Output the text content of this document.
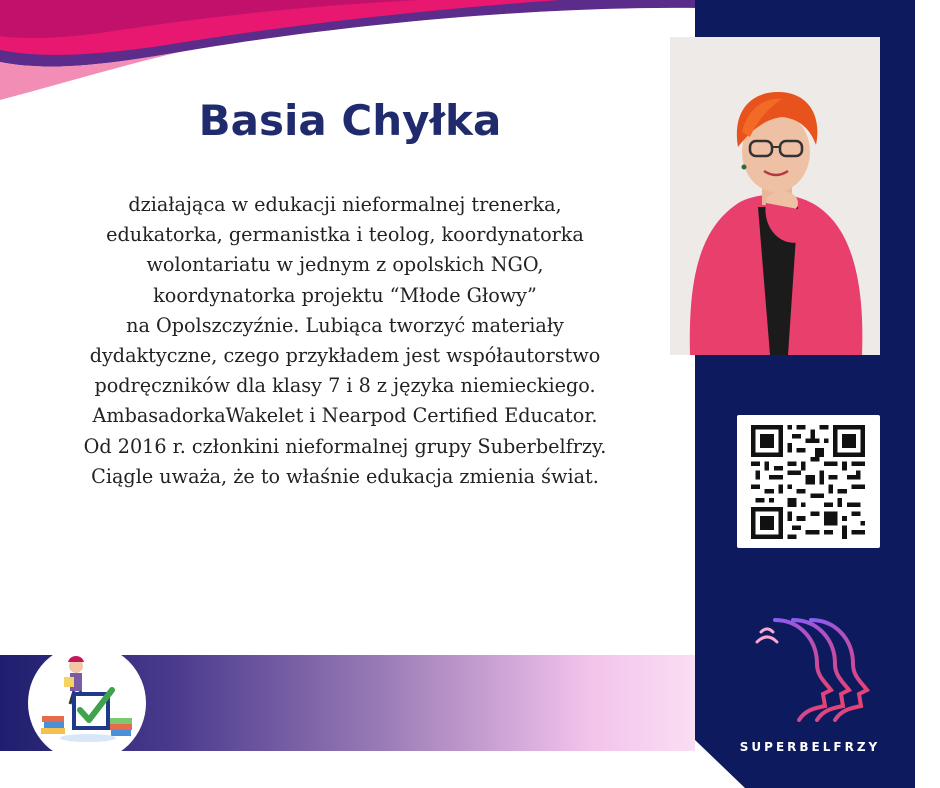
SUPERBELFRZY
Basia Chyłka
działająca w edukacji nieformalnej trenerka,
edukatorka, germanistka i teolog, koordynatorka
wolontariatu w jednym z opolskich NGO,
koordynatorka projektu “Młode Głowy”
na Opolszczyźnie. Lubiąca tworzyć materiały
dydaktyczne, czego przykładem jest współautorstwo
podręczników dla klasy 7 i 8 z języka niemieckiego.
AmbasadorkaWakelet i Nearpod Certified Educator.
Od 2016 r. członkini nieformalnej grupy Suberbelfrzy.
Ciągle uważa, że to właśnie edukacja zmienia świat.
